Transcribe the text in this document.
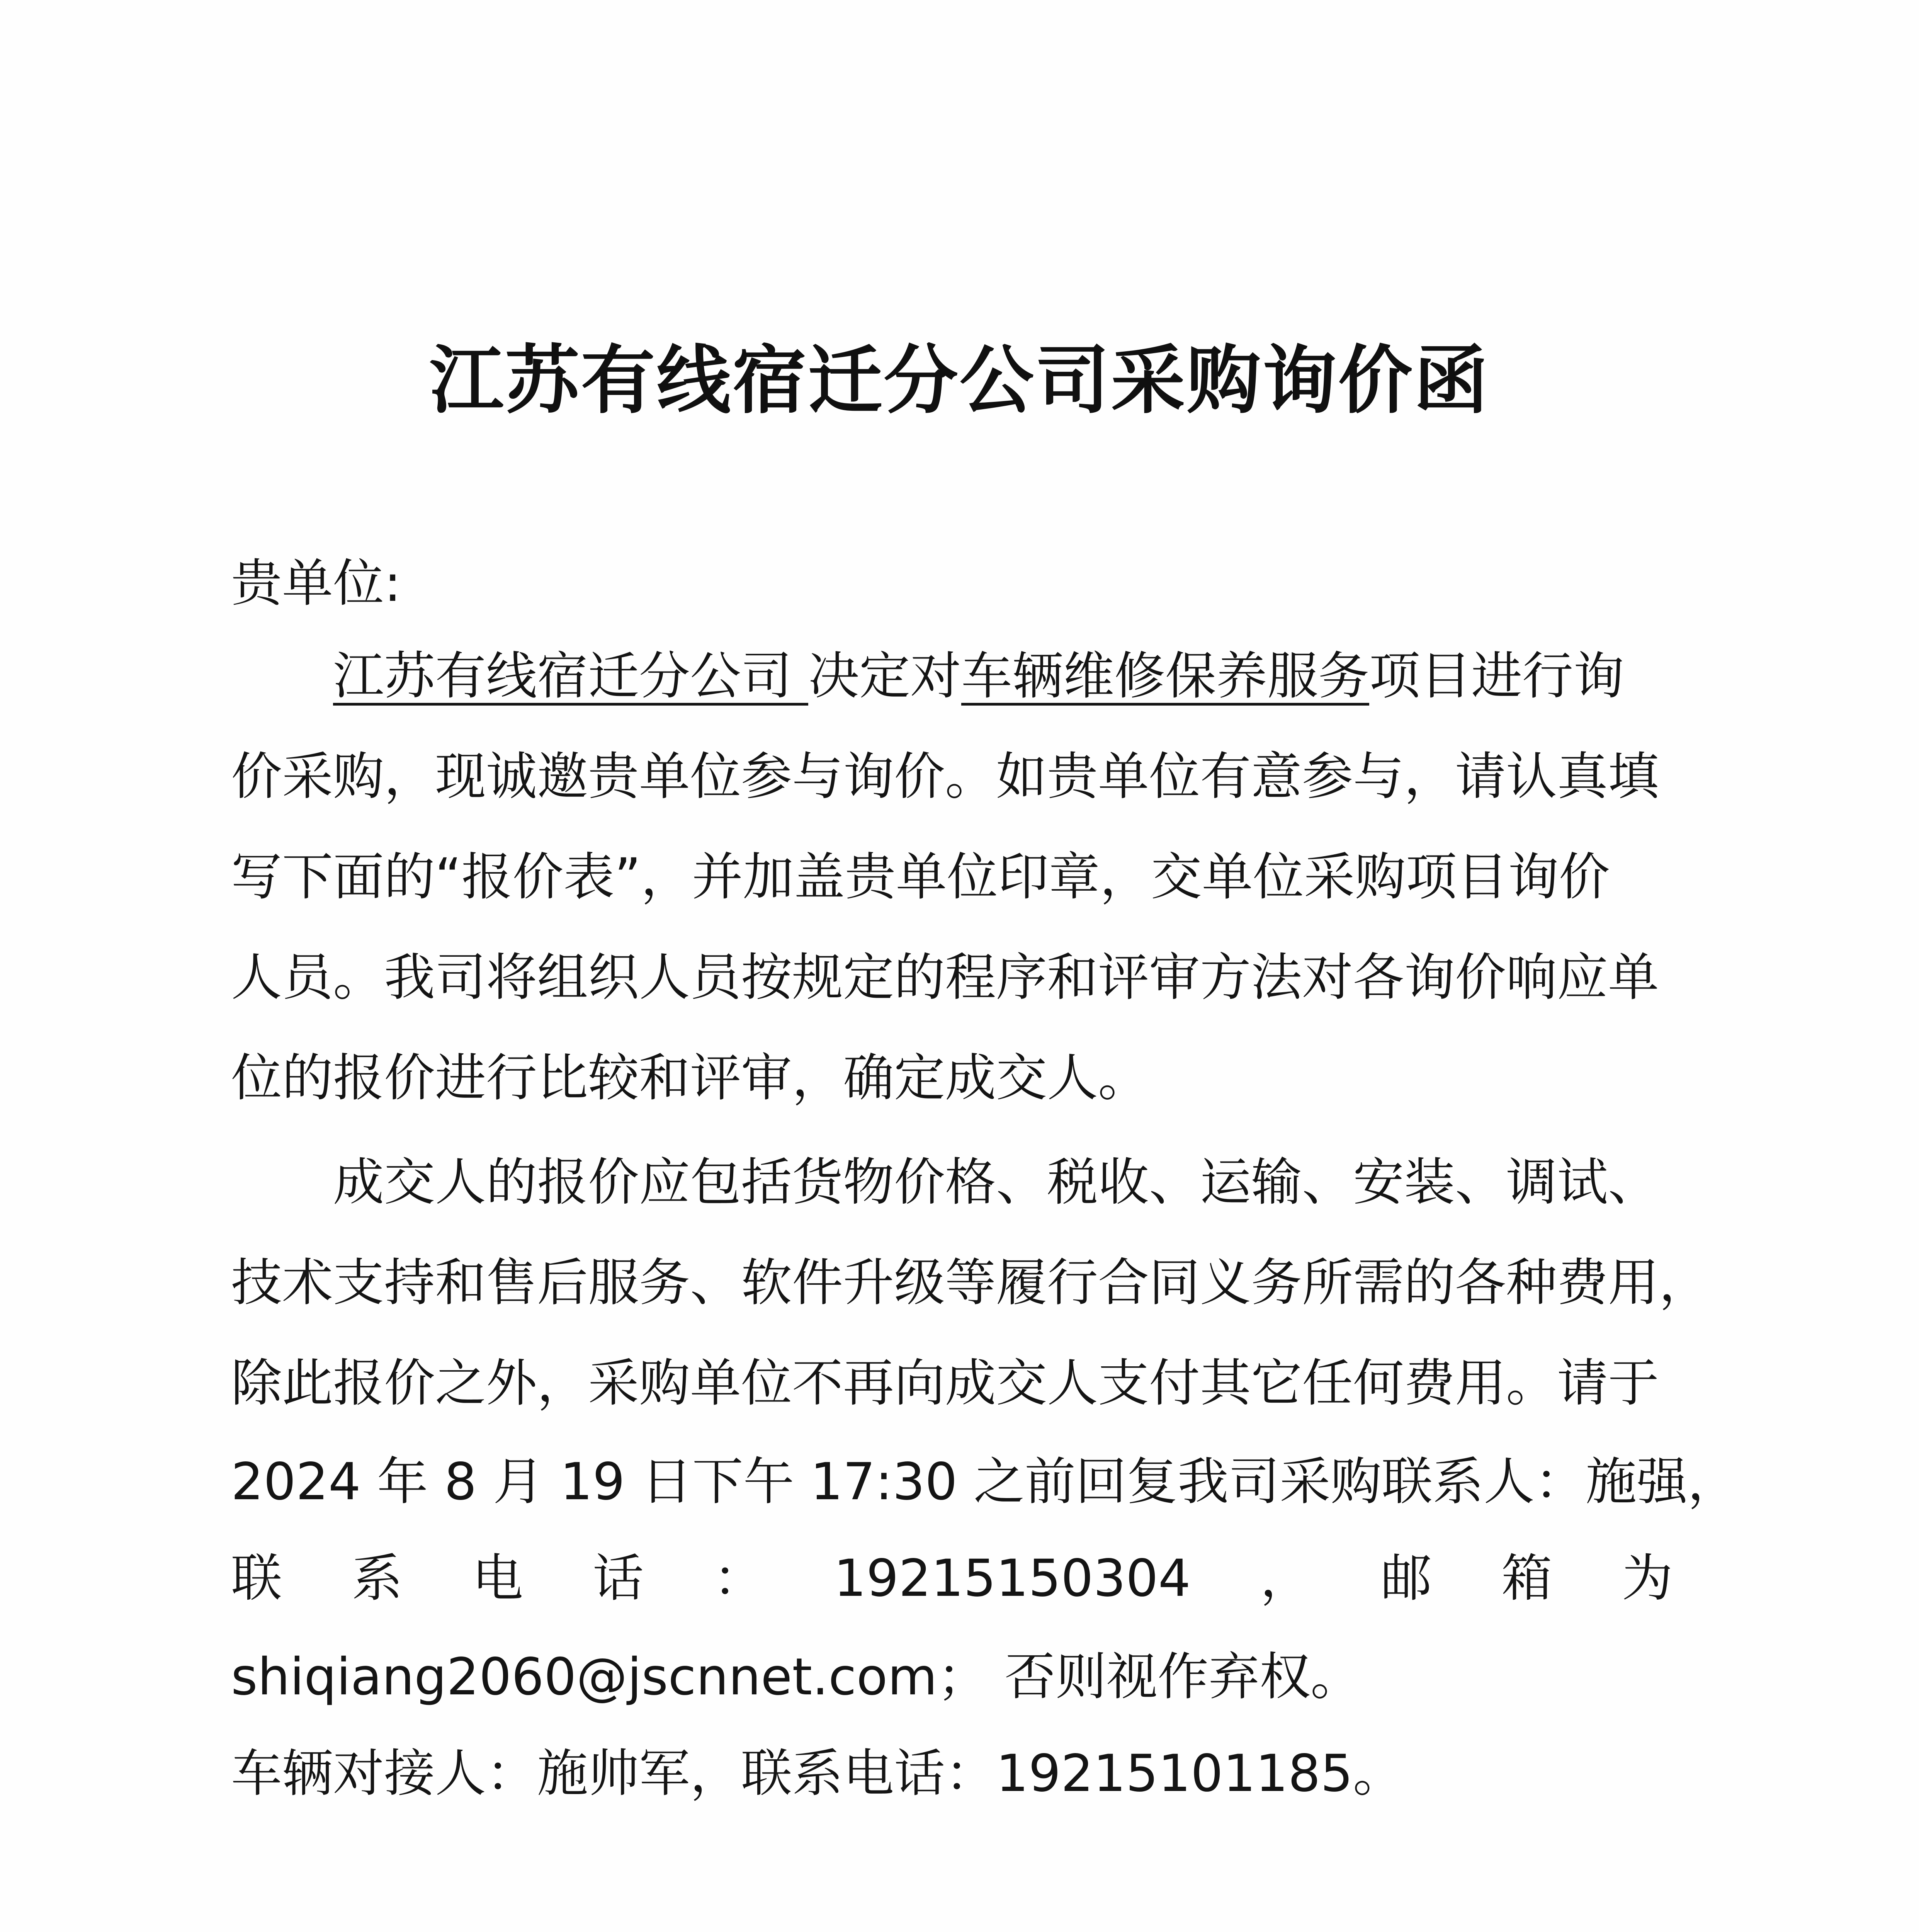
江苏有线宿迁分公司采购询价函
贵单位:
江苏有线宿迁分公司 决定对车辆维修保养服务项目进行询
价采购，现诚邀贵单位参与询价。如贵单位有意参与，请认真填
写下面的“报价表”，并加盖贵单位印章，交单位采购项目询价
人员。我司将组织人员按规定的程序和评审方法对各询价响应单
位的报价进行比较和评审，确定成交人。
成交人的报价应包括货物价格、税收、运输、安装、调试、
技术支持和售后服务、软件升级等履行合同义务所需的各种费用，
除此报价之外，采购单位不再向成交人支付其它任何费用。请于
2024 年 8 月 19 日下午 17:30 之前回复我司采购联系人：施强，
联 系 电 话 ： 19215150304 ， 邮 箱 为
shiqiang2060@jscnnet.com； 否则视作弃权。
车辆对接人：施帅军，联系电话：19215101185。
